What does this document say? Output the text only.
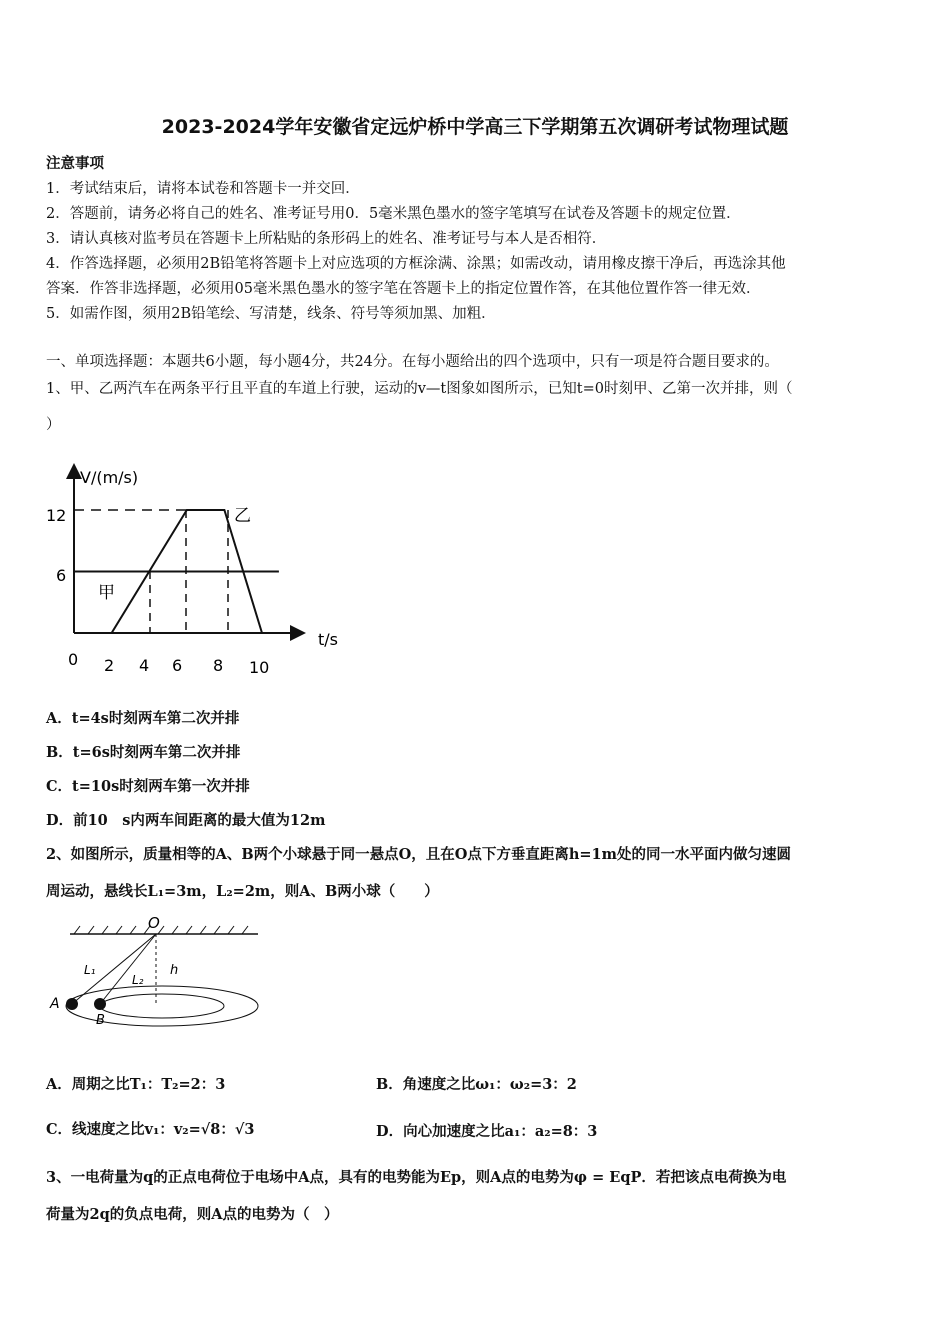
2023-2024学年安徽省定远炉桥中学高三下学期第五次调研考试物理试题
注意事项
1．考试结束后，请将本试卷和答题卡一并交回．
2．答题前，请务必将自己的姓名、准考证号用0．5毫米黑色墨水的签字笔填写在试卷及答题卡的规定位置．
3．请认真核对监考员在答题卡上所粘贴的条形码上的姓名、准考证号与本人是否相符．
4．作答选择题，必须用2B铅笔将答题卡上对应选项的方框涂满、涂黑；如需改动，请用橡皮擦干净后，再选涂其他
答案．作答非选择题，必须用05毫米黑色墨水的签字笔在答题卡上的指定位置作答，在其他位置作答一律无效．
5．如需作图，须用2B铅笔绘、写清楚，线条、符号等须加黑、加粗．
一、单项选择题：本题共6小题，每小题4分，共24分。在每小题给出的四个选项中，只有一项是符合题目要求的。
1、甲、乙两汽车在两条平行且平直的车道上行驶，运动的v—t图象如图所示，已知t=0时刻甲、乙第一次并排，则（
）
V/(m/s)
t/s
12
6
0 2 4 6 8 10
甲
乙
A．t=4s时刻两车第二次并排
B．t=6s时刻两车第二次并排
C．t=10s时刻两车第一次并排
D．前10　s内两车间距离的最大值为12m
2、如图所示，质量相等的A、B两个小球悬于同一悬点O，且在O点下方垂直距离h=1m处的同一水平面内做匀速圆
周运动，悬线长L₁=3m，L₂=2m，则A、B两小球（　　）
O
L₁
L₂
h
A
B
A．周期之比T₁：T₂=2：3	B．角速度之比ω₁：ω₂=3：2
C．线速度之比v₁：v₂=√8：√3	D．向心加速度之比a₁：a₂=8：3
3、一电荷量为q的正点电荷位于电场中A点，具有的电势能为Ep，则A点的电势为φ = EqP．若把该点电荷换为电
荷量为2q的负点电荷，则A点的电势为（　）
